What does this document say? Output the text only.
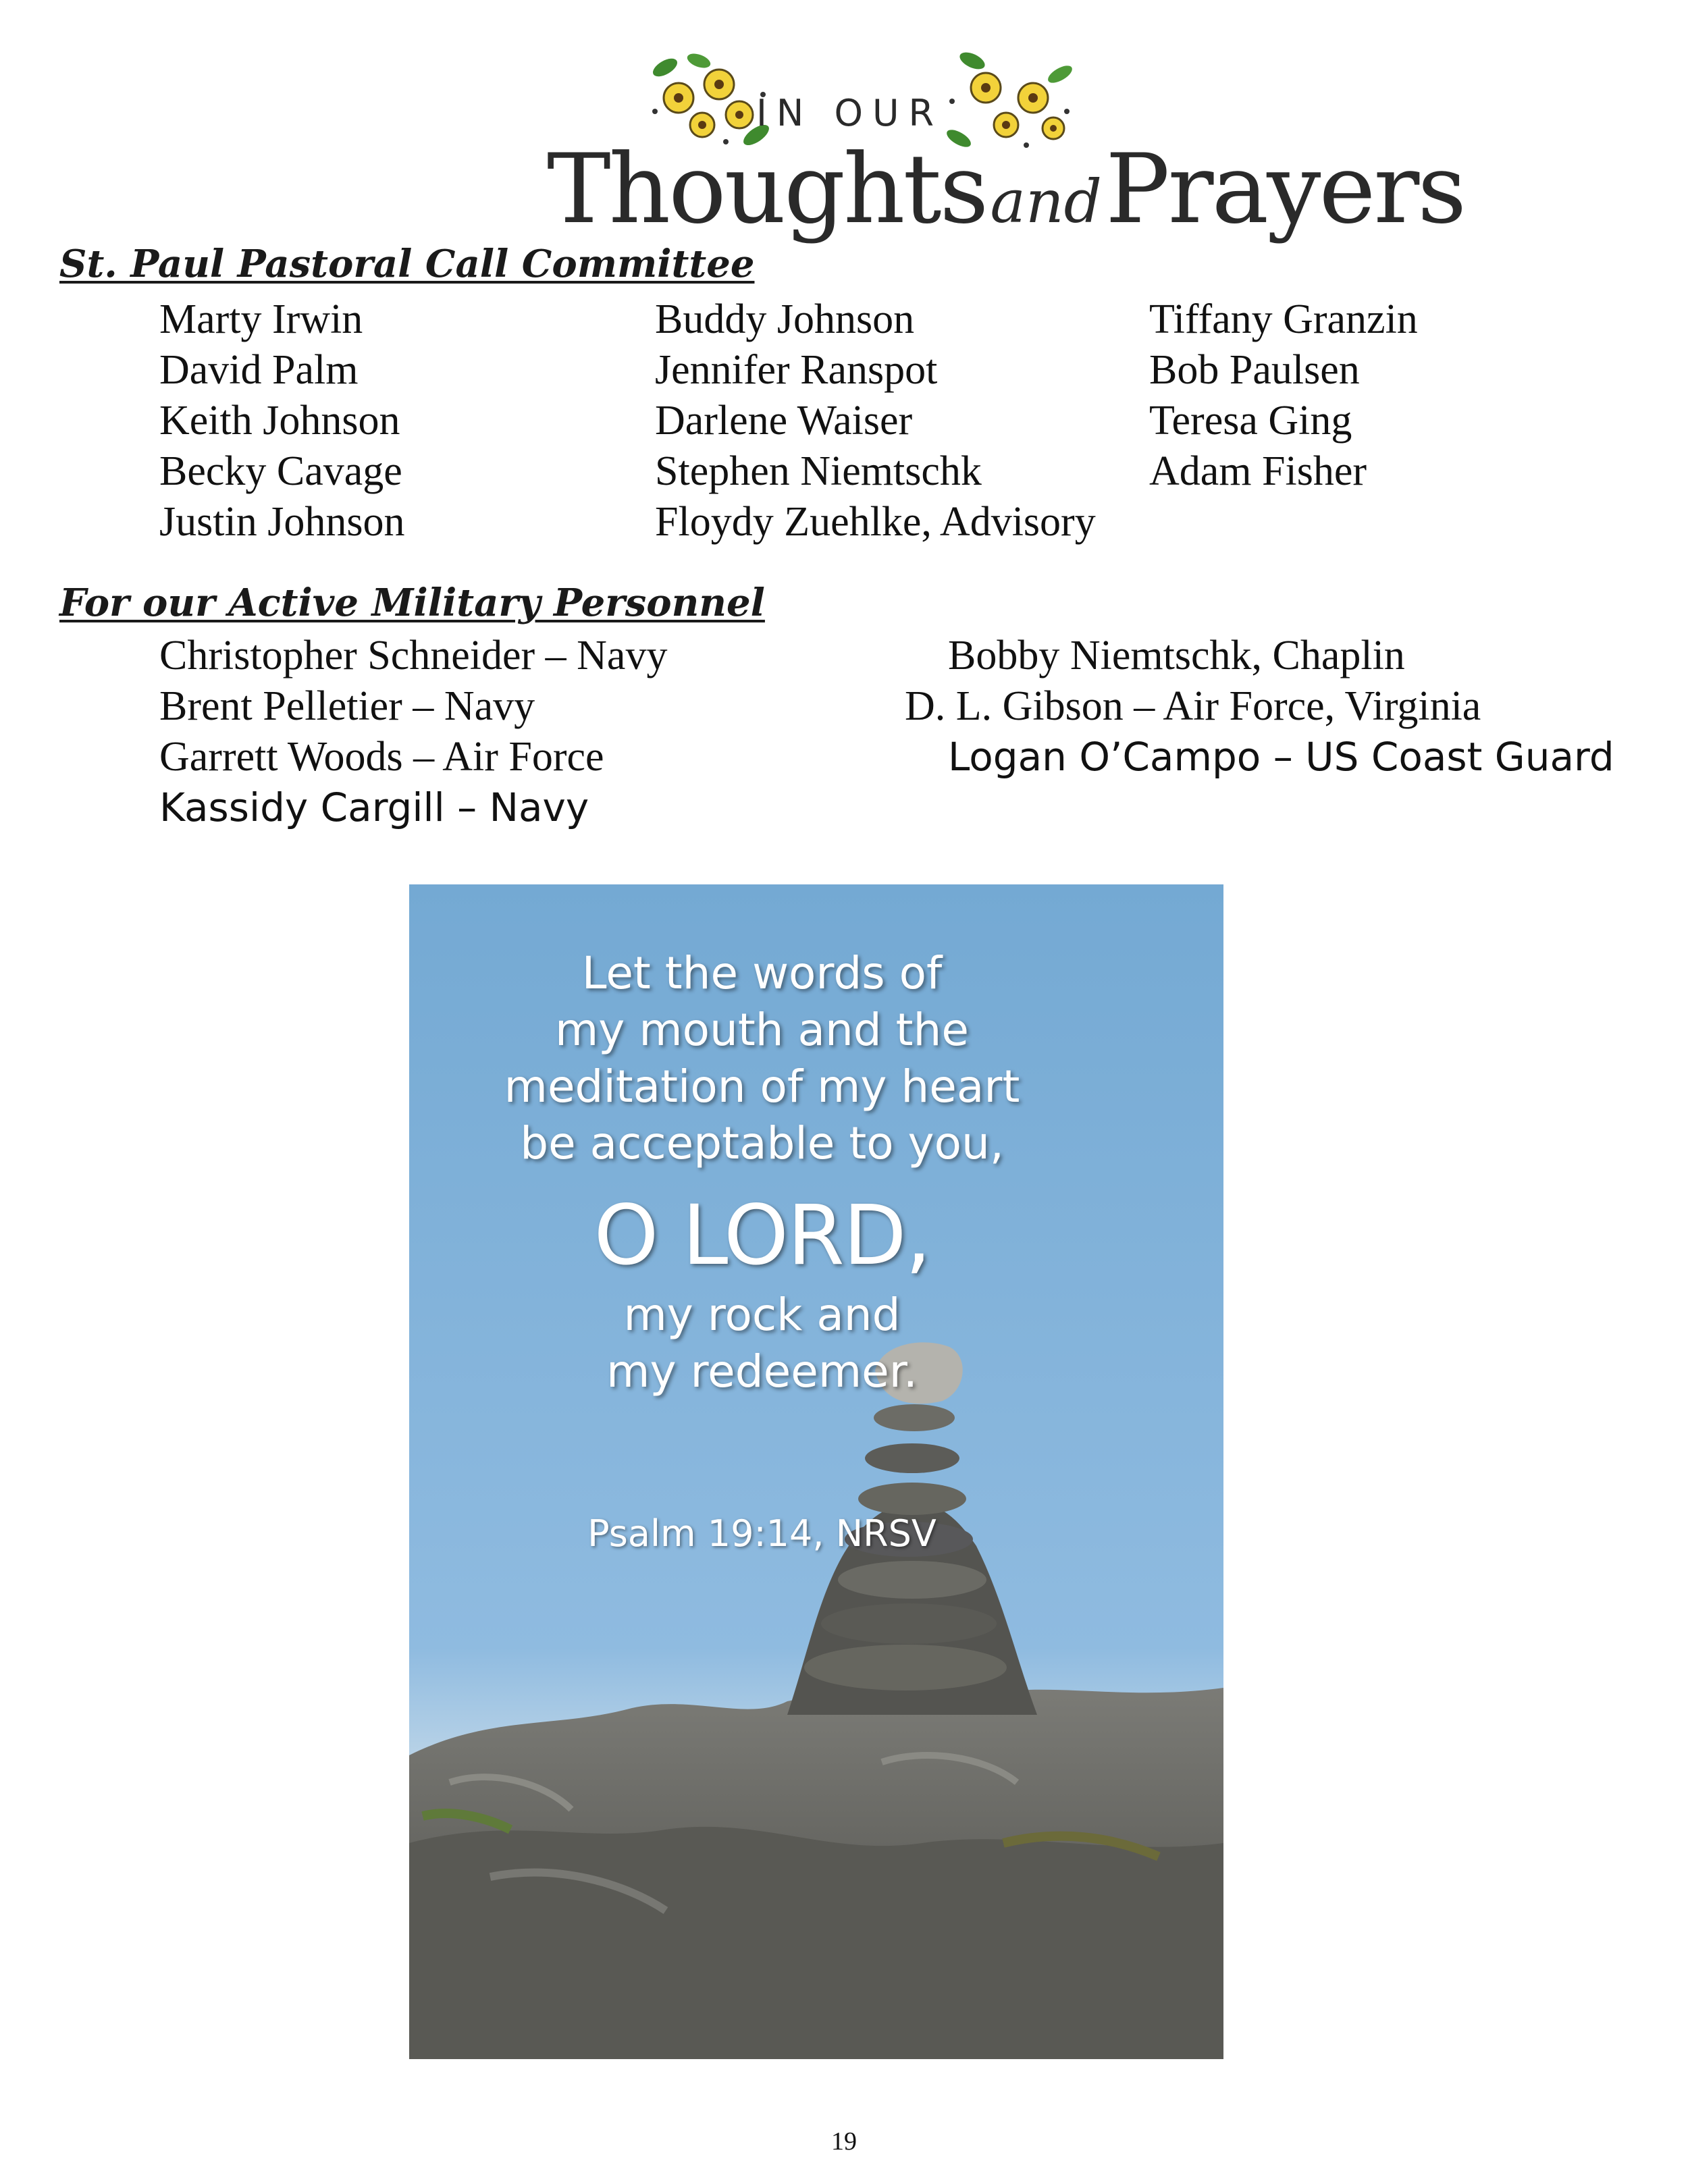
IN OUR
Thoughts and Prayers
St. Paul Pastoral Call Committee
Marty Irwin
David Palm
Keith Johnson
Becky Cavage
Justin Johnson
Buddy Johnson
Jennifer Ranspot
Darlene Waiser
Stephen Niemtschk
Floydy Zuehlke, Advisory
Tiffany Granzin
Bob Paulsen
Teresa Ging
Adam Fisher
For our Active Military Personnel
Christopher Schneider – Navy
Brent Pelletier – Navy
Garrett Woods – Air Force
Kassidy Cargill – Navy
Bobby Niemtschk, Chaplin
D. L. Gibson – Air Force, Virginia
Logan O’Campo – US Coast Guard
Let the words of
my mouth and the
meditation of my heart
be acceptable to you,
O LORD,
my rock and
my redeemer.
Psalm 19:14, NRSV
19
